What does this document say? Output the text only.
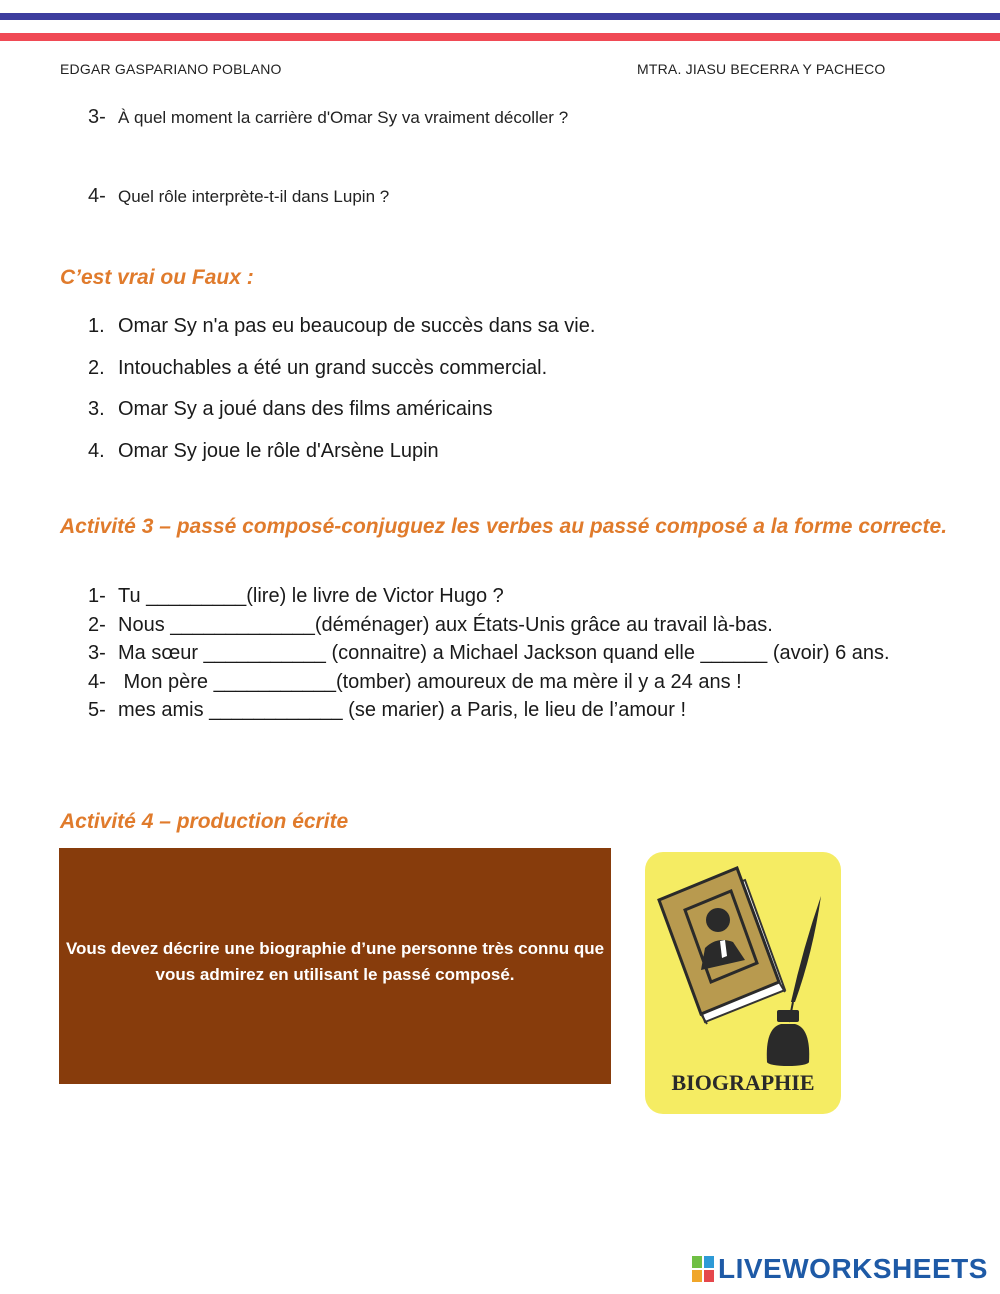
EDGAR GASPARIANO POBLANO	MTRA. JIASU BECERRA Y PACHECO
3- À quel moment la carrière d'Omar Sy va vraiment décoller ?
4- Quel rôle interprète-t-il dans Lupin ?
C’est vrai ou Faux :
1. Omar Sy n'a pas eu beaucoup de succès dans sa vie.
2. Intouchables a été un grand succès commercial.
3. Omar Sy a joué dans des films américains
4. Omar Sy joue le rôle d'Arsène Lupin
Activité 3 – passé composé-conjuguez les verbes au passé composé a la forme correcte.
1- Tu _________(lire) le livre de Victor Hugo ?
2- Nous _____________(déménager) aux États-Unis grâce au travail là-bas.
3- Ma sœur ___________ (connaitre) a Michael Jackson quand elle ______ (avoir) 6 ans.
4- Mon père ___________(tomber) amoureux de ma mère il y a 24 ans !
5- mes amis ____________ (se marier) a Paris, le lieu de l’amour !
Activité 4 – production écrite
Vous devez décrire une biographie d’une personne très connu que vous admirez en utilisant le passé composé.
BIOGRAPHIE
LIVEWORKSHEETS
